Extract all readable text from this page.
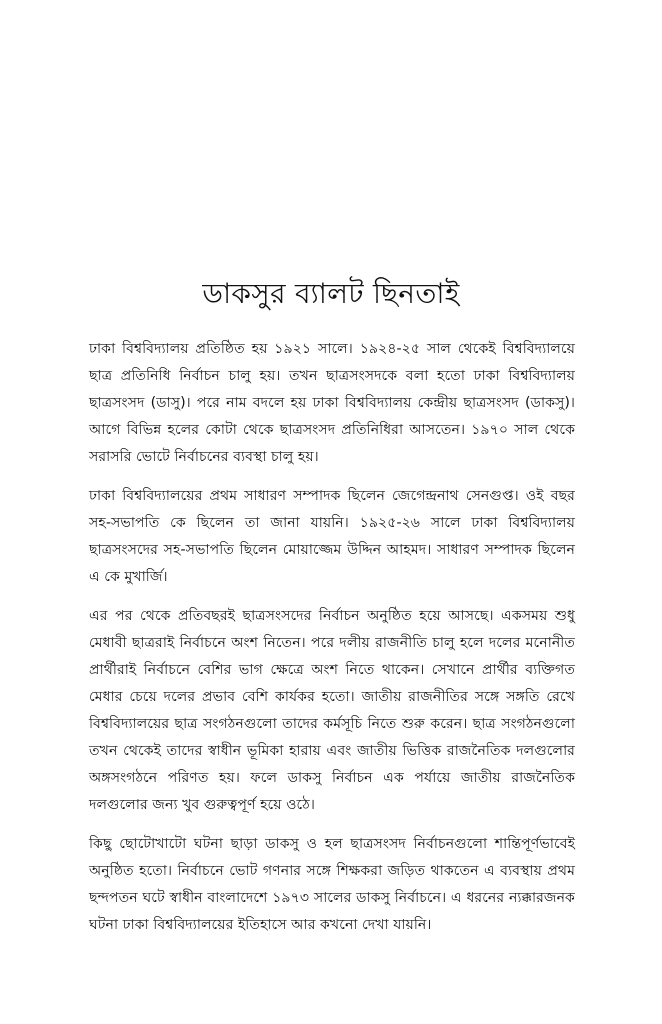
ডাকসুর ব্যালট ছিনতাই

ঢাকা বিশ্ববিদ্যালয় প্রতিষ্ঠিত হয় ১৯২১ সালে। ১৯২৪-২৫ সাল থেকেই বিশ্ববিদ্যালয়ে ছাত্র প্রতিনিধি নির্বাচন চালু হয়। তখন ছাত্রসংসদকে বলা হতো ঢাকা বিশ্ববিদ্যালয় ছাত্রসংসদ (ডাসু)। পরে নাম বদলে হয় ঢাকা বিশ্ববিদ্যালয় কেন্দ্রীয় ছাত্রসংসদ (ডাকসু)। আগে বিভিন্ন হলের কোটা থেকে ছাত্রসংসদ প্রতিনিধিরা আসতেন। ১৯৭০ সাল থেকে সরাসরি ভোটে নির্বাচনের ব্যবস্থা চালু হয়।

ঢাকা বিশ্ববিদ্যালয়ের প্রথম সাধারণ সম্পাদক ছিলেন জেগেন্দ্রনাথ সেনগুপ্ত। ওই বছর সহ-সভাপতি কে ছিলেন তা জানা যায়নি। ১৯২৫-২৬ সালে ঢাকা বিশ্ববিদ্যালয় ছাত্রসংসদের সহ-সভাপতি ছিলেন মোয়াজ্জেম উদ্দিন আহমদ। সাধারণ সম্পাদক ছিলেন এ কে মুখার্জি।

এর পর থেকে প্রতিবছরই ছাত্রসংসদের নির্বাচন অনুষ্ঠিত হয়ে আসছে। একসময় শুধু মেধাবী ছাত্ররাই নির্বাচনে অংশ নিতেন। পরে দলীয় রাজনীতি চালু হলে দলের মনোনীত প্রার্থীরাই নির্বাচনে বেশির ভাগ ক্ষেত্রে অংশ নিতে থাকেন। সেখানে প্রার্থীর ব্যক্তিগত মেধার চেয়ে দলের প্রভাব বেশি কার্যকর হতো। জাতীয় রাজনীতির সঙ্গে সঙ্গতি রেখে বিশ্ববিদ্যালয়ের ছাত্র সংগঠনগুলো তাদের কর্মসূচি নিতে শুরু করেন। ছাত্র সংগঠনগুলো তখন থেকেই তাদের স্বাধীন ভূমিকা হারায় এবং জাতীয় ভিত্তিক রাজনৈতিক দলগুলোর অঙ্গসংগঠনে পরিণত হয়। ফলে ডাকসু নির্বাচন এক পর্যায়ে জাতীয় রাজনৈতিক দলগুলোর জন্য খুব গুরুত্বপূর্ণ হয়ে ওঠে।

কিছু ছোটোখাটো ঘটনা ছাড়া ডাকসু ও হল ছাত্রসংসদ নির্বাচনগুলো শান্তিপূর্ণভাবেই অনুষ্ঠিত হতো। নির্বাচনে ভোট গণনার সঙ্গে শিক্ষকরা জড়িত থাকতেন এ ব্যবস্থায় প্রথম ছন্দপতন ঘটে স্বাধীন বাংলাদেশে ১৯৭৩ সালের ডাকসু নির্বাচনে। এ ধরনের ন্যক্কারজনক ঘটনা ঢাকা বিশ্ববিদ্যালয়ের ইতিহাসে আর কখনো দেখা যায়নি।
